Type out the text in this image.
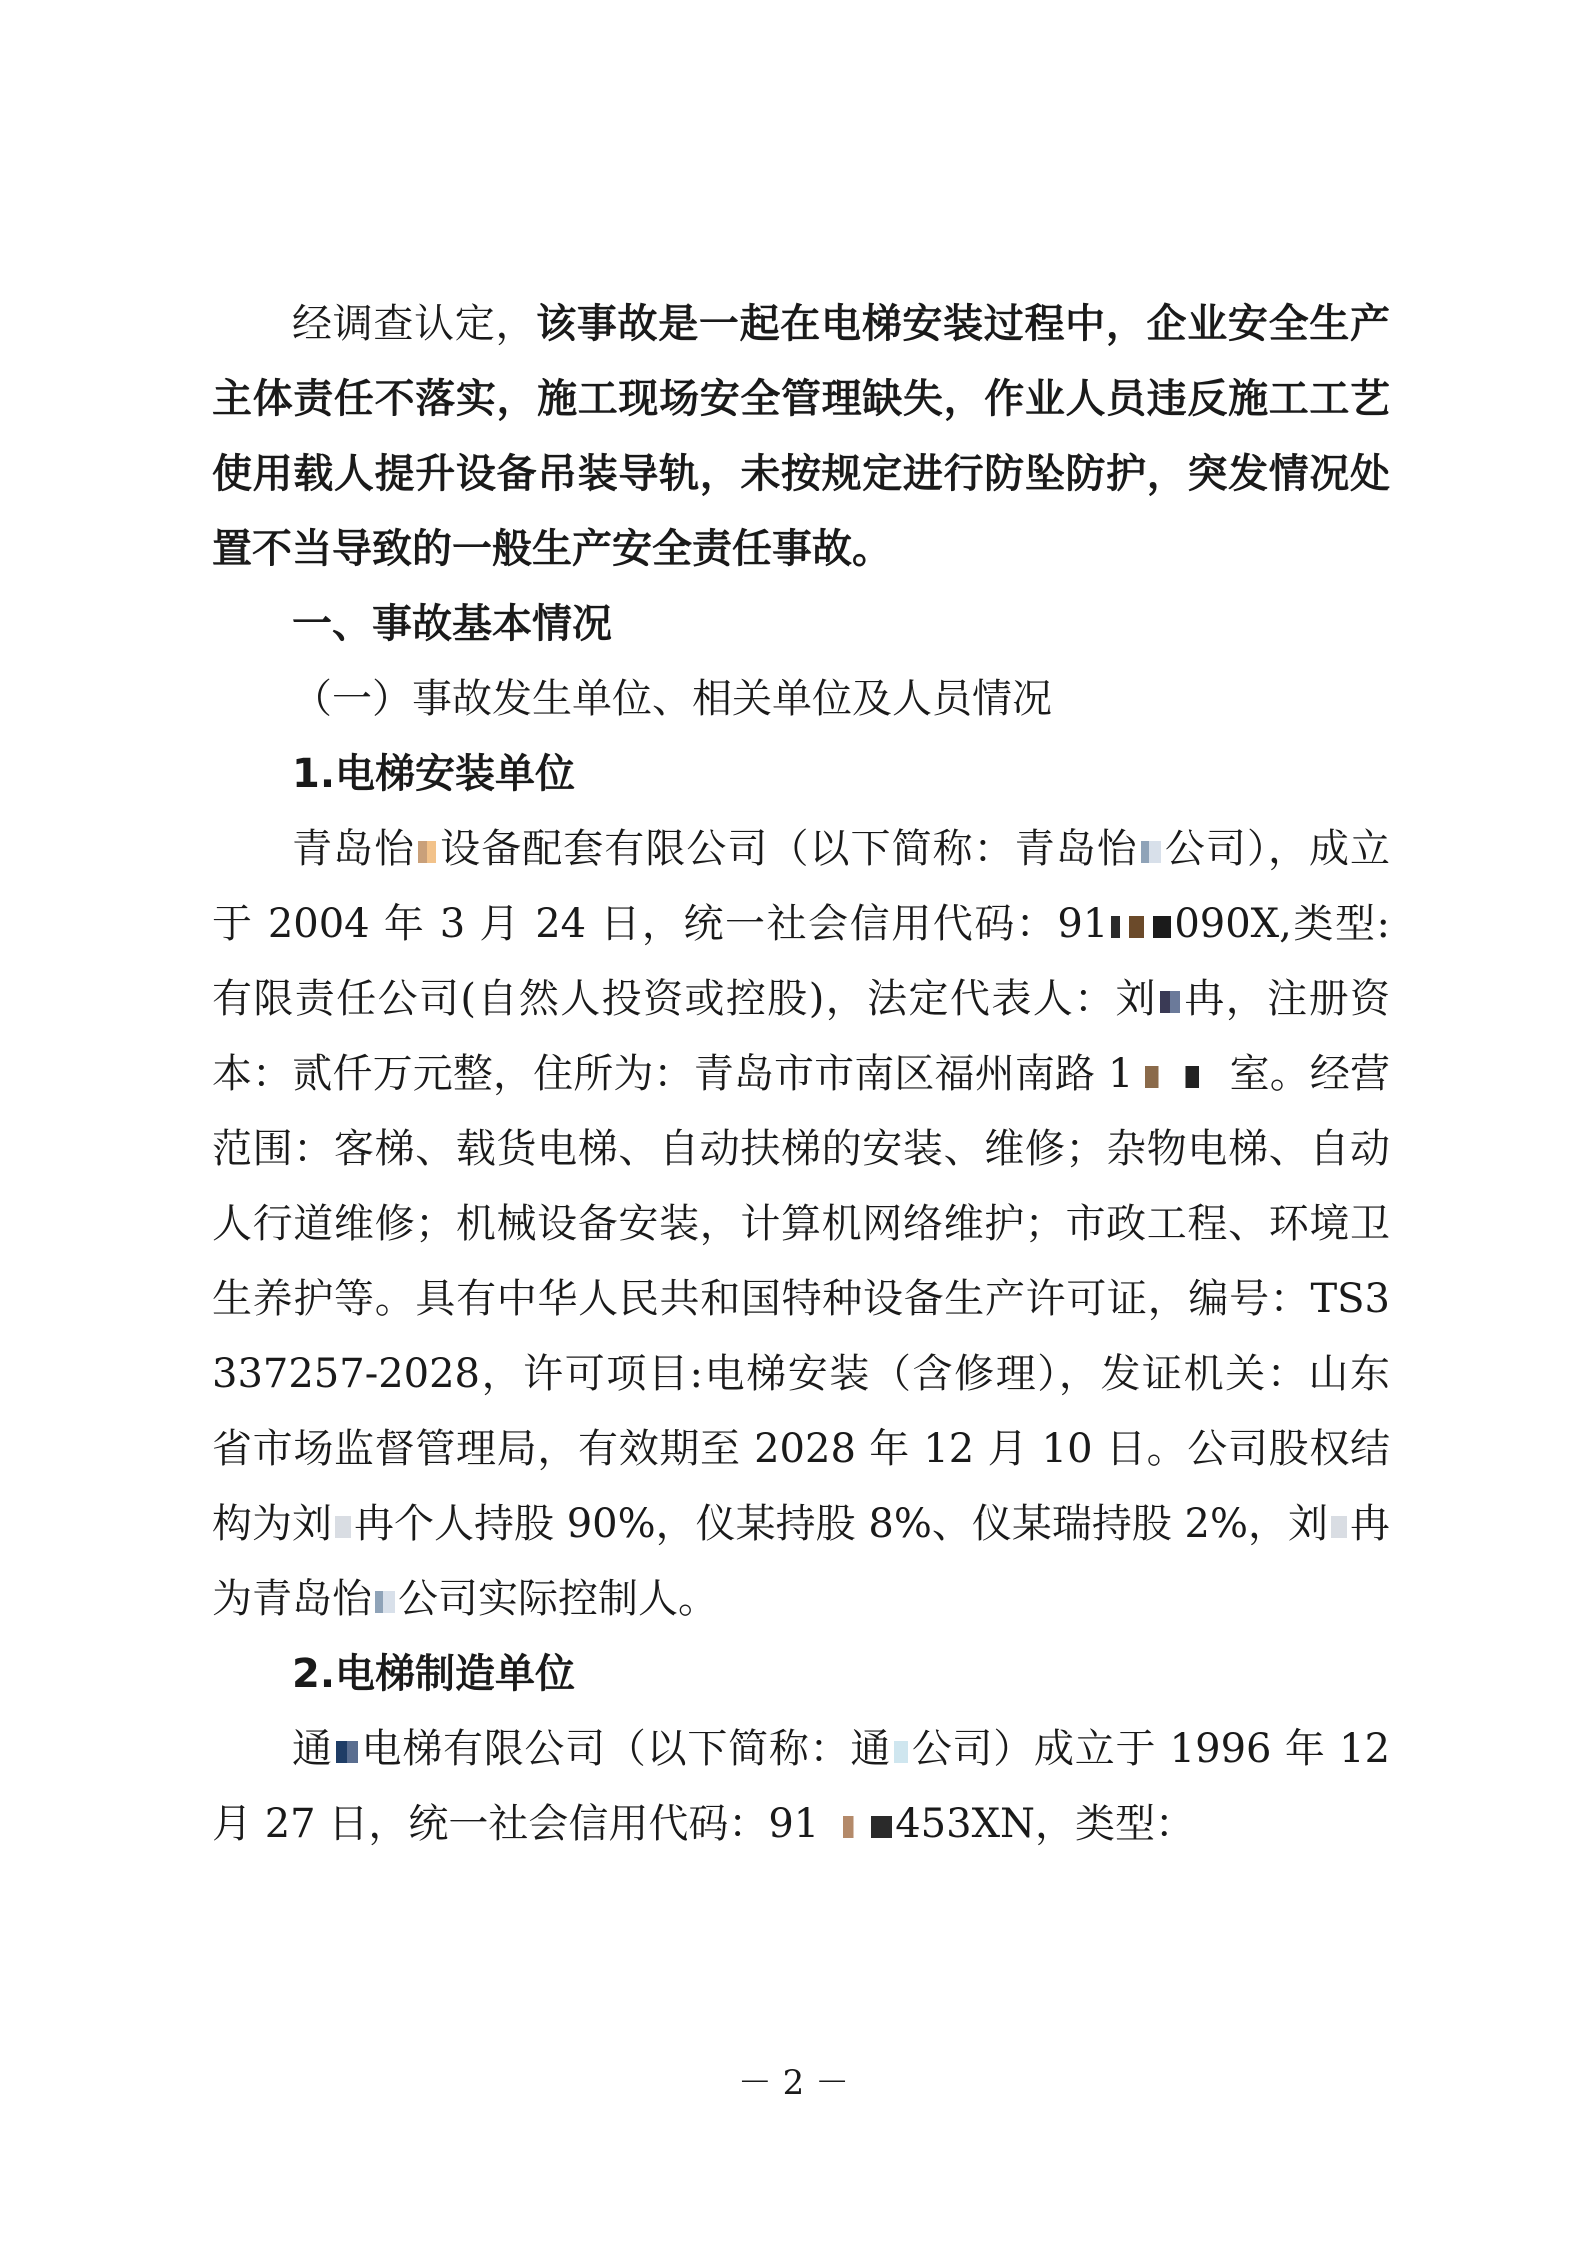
经调查认定，该事故是一起在电梯安装过程中，企业安全生产主体责任不落实，施工现场安全管理缺失，作业人员违反施工工艺使用载人提升设备吊装导轨，未按规定进行防坠防护，突发情况处置不当导致的一般生产安全责任事故。

一、事故基本情况

（一）事故发生单位、相关单位及人员情况

1.电梯安装单位

青岛怡 设备配套有限公司（以下简称：青岛怡 公司），成立于 2004 年 3 月 24 日，统一社会信用代码：91 090X,类型:有限责任公司(自然人投资或控股)，法定代表人：刘 冉，注册资本：贰仟万元整，住所为：青岛市市南区福州南路 1 室。经营范围：客梯、载货电梯、自动扶梯的安装、维修；杂物电梯、自动人行道维修；机械设备安装，计算机网络维护；市政工程、环境卫生养护等。具有中华人民共和国特种设备生产许可证，编号：TS3337257-2028，许可项目:电梯安装（含修理），发证机关：山东省市场监督管理局，有效期至 2028 年 12 月 10 日。公司股权结构为刘 冉个人持股 90%，仪某持股 8%、仪某瑞持股 2%，刘 冉为青岛怡 公司实际控制人。

2.电梯制造单位

通 电梯有限公司（以下简称：通 公司）成立于 1996 年 12 月 27 日，统一社会信用代码：91 453XN，类型：

－ 2 －
